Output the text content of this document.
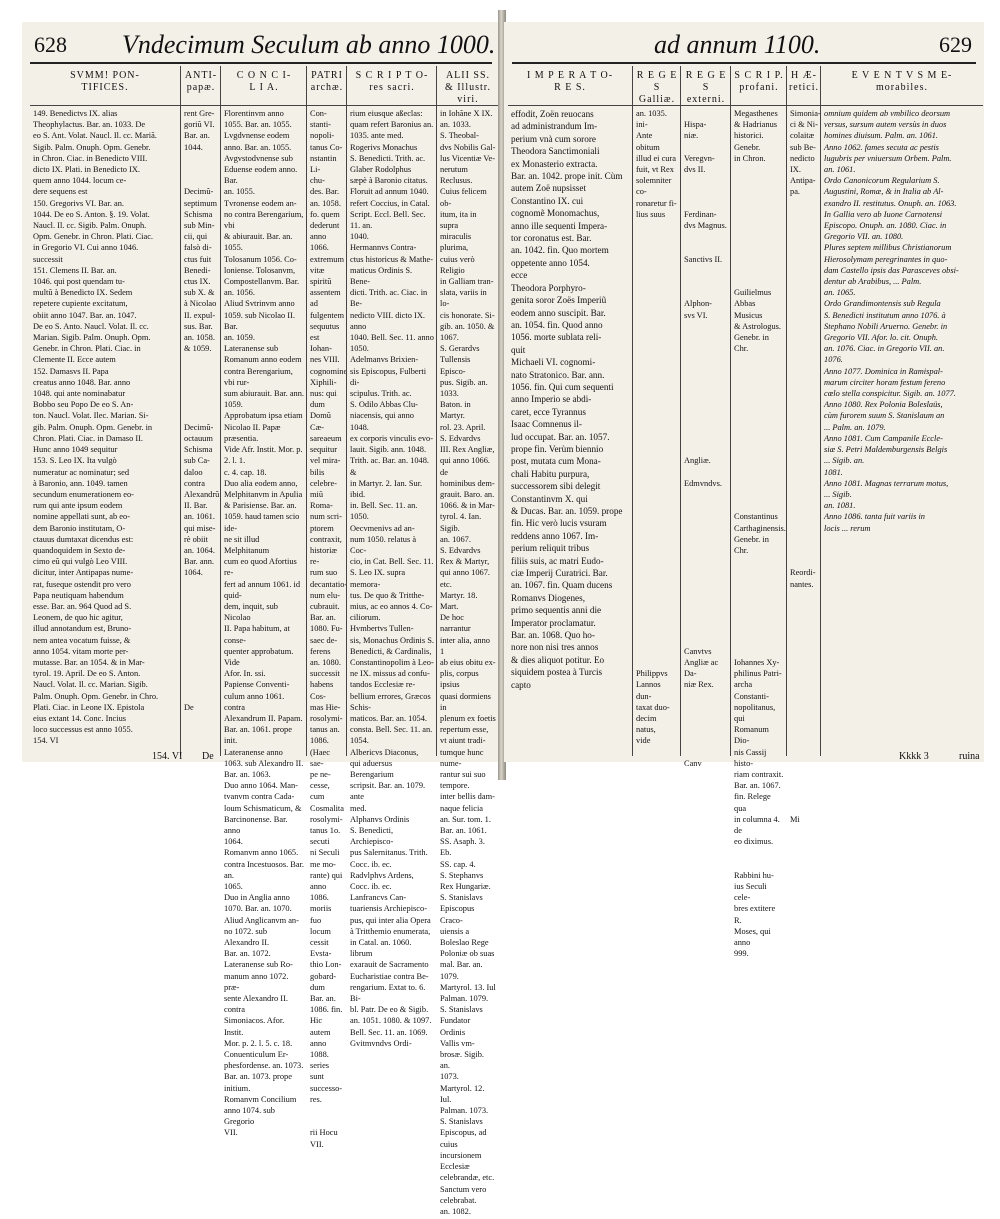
628 Vndecimum Seculum ab anno 1000.
SVMM! PON-
TIFICES.
149. Benedictvs IX. alias
Theophylactus. Bar. an. 1033. De
eo S. Ant. Volat. Naucl. Il. cc. Mariã.
Sigib. Palm. Onuph. Opm. Genebr.
in Chron. Ciac. in Benedicto VIII.
dicto IX. Plati. in Benedicto IX.
quem anno 1044. locum ce-
dere sequens est
150. Gregorivs VI. Bar. an.
1044. De eo S. Anton. §. 19. Volat.
Naucl. Il. cc. Sigib. Palm. Onuph.
Opm. Genebr. in Chron. Plati. Ciac.
in Gregorio VI. Cui anno 1046.
successit
151. Clemens II. Bar. an.
1046. qui post quendam tu-
multũ à Benedicto IX. Sedem
repetere cupiente excitatum,
obiit anno 1047. Bar. an. 1047.
De eo S. Anto. Naucl. Volat. Il. cc.
Marian. Sigib. Palm. Onuph. Opm.
Genebr. in Chron. Plati. Ciac. in
Clemente II. Ecce autem
152. Damasvs II. Papa
creatus anno 1048. Bar. anno
1048. qui ante nominabatur
Bobbo seu Popo De eo S. An-
ton. Naucl. Volat. Ilec. Marian. Si-
gib. Palm. Onuph. Opm. Genebr. in
Chron. Plati. Ciac. in Damaso II.
Hunc anno 1049 sequitur
153. S. Leo IX. Ita vulgò
numeratur ac nominatur; sed
à Baronio, ann. 1049. tamen
secundum enumerationem eo-
rum qui ante ipsum eodem
nomine appellati sunt, ab eo-
dem Baronio institutam, O-
ctauus dumtaxat dicendus est:
quandoquidem in Sexto de-
cimo eũ qui vulgò Leo VIII.
dicitur, inter Antipapas nume-
rat, fuseque ostendit pro vero
Papa neutiquam habendum
esse. Bar. an. 964 Quod ad S.
Leonem, de quo hic agitur,
illud annotandum est, Bruno-
nem antea vocatum fuisse, &
anno 1054. vitam morte per-
mutasse. Bar. an 1054. & in Mar-
tyrol. 19. April. De eo S. Anton.
Naucl. Volat. Il. cc. Marian. Sigib.
Palm. Onuph. Opm. Genebr. in Chro.
Plati. Ciac. in Leone IX. Epistola
eius extant 14. Conc. Incius
loco successus est anno 1055.
154. VI
ANTI-
papæ.
rent Gre-
goriũ VI.
Bar. an.
1044.

Decimũ-
septimum
Schisma
sub Min-
cii, qui
falsò di-
ctus fuit
Benedi-
ctus IX.
sub X. &
à Nicolao
II. expul-
sus. Bar.
an. 1058.
& 1059.

Decimũ-
octauum
Schisma
sub Ca-
daloo
contra
Alexandrũ
II. Bar.
an. 1061.
qui mise-
rè obiit
an. 1064.
Bar. ann.
1064.

De
C O N C I-
L I A.
Florentinvm anno
1055. Bar. an. 1055.
Lvgdvnense eodem
anno. Bar. an. 1055.
Avgvstodvnense sub
Eduense eodem anno. Bar.
an. 1055.
Tvronense eodem an-
no contra Berengarium, vbi
& abiurauit. Bar. an. 1055.
Tolosanum 1056. Co-
loniense. Tolosanvm,
Compostellanvm. Bar.
an. 1056.
Aliud Svtrinvm anno
1059. sub Nicolao II. Bar.
an. 1059.
Lateranense sub
Romanum anno eodem
contra Berengarium, vbi rur-
sum abiurauit. Bar. ann. 1059.
Approbatum ipsa etiam
Nicolao II. Papæ præsentia.
Vide Afr. Instit. Mor. p. 2. l. 1.
c. 4. cap. 18.
Duo alia eodem anno,
Melphitanvm in Apulia
& Parisiense. Bar. an.
1059. haud tamen scio ide-
ne sit illud Melphitanum
cum eo quod Afortius re-
fert ad annum 1061. id quid-
dem, inquit, sub Nicolao
II. Papa habitum, at conse-
quenter approbatum. Vide
Afor. In. ssi.
Papiense Conventi-
culum anno 1061. contra
Alexandrum II. Papam.
Bar. an. 1061. prope init.
Lateranense anno
1063. sub Alexandro II.
Bar. an. 1063.
Duo anno 1064. Man-
tvanvm contra Cada-
loum Schismaticum, &
Barcinonense. Bar. anno
1064.
Romanvm anno 1065.
contra Incestuosos. Bar. an.
1065.
Duo in Anglia anno
1070. Bar. an. 1070.
Aliud Anglicanvm an-
no 1072. sub Alexandro II.
Bar. an. 1072.
Lateranense sub Ro-
manum anno 1072. præ-
sente Alexandro II. contra
Simoniacos. Afor. Instit.
Mor. p. 2. l. 5. c. 18.
Conuenticulum Er-
phesfordense. an. 1073.
Bar. an. 1073. prope initium.
Romanvm Concilium
anno 1074. sub Gregorio
VII.
PATRI
archæ.
Con-
stanti-
nopoli-
tanus Co-
nstantin Li-
chu-
des. Bar.
an. 1058.
fo. quem
dederunt
anno 1066.
extremum
vitæ spiritũ
assentem ad
fulgentem
sequutus est
Iohan-
nes VIII.
cognomine
Xiphili-
nus: qui
dum
Domũ Cæ-
sareaeum
sequitur
vel mira-
bilis
celebre-
miũ
Roma-
num scri-
ptorem
contraxit,
historiæ re-
rum suo
decantatio-
num elu-
cubrauit.
Bar. an.
1080. Fu-
saec de-
ferens
an. 1080.
successit
habens
Cos-
mas Hie-
rosolymi-
tanus an.
1086.
(Haec sae-
pe ne-
cesse, cum
Cosmalita
rosolymi-
tanus 1o.
secuti
ni Seculi
me mo-
rante) qui
anno 1086.
moriis
fuo locum
cessit
Evsta-
thio Lon-
gobard-
dum
Bar. an.
1086. fin.
Hic autem
anno 1088.
series sunt
successo-
res.

rii Hocu
VII.
S C R I P T O-
res sacri.
rium eiusque aßeclas:
quam refert Baronius an.
1035. ante med.
Rogerivs Monachus
S. Benedicti. Trith. ac.
Glaber Rodolphus
sæpè à Baronio citatus.
Floruit ad annum 1040.
refert Coccius, in Catal.
Script. Eccl. Bell. Sec. 11. an.
1040.
Hermannvs Contra-
ctus historicus & Mathe-
maticus Ordinis S. Bene-
dicti. Trith. ac. Ciac. in Be-
nedicto VIII. dicto IX. anno
1040. Bell. Sec. 11. anno
1050.
Adelmanvs Brixien-
sis Episcopus, Fulberti di-
scipulus. Trith. ac.
S. Odilo Abbas Clu-
niacensis, qui anno 1048.
ex corporis vinculis evo-
lauit. Sigib. ann. 1048.
Trith. ac. Bar. an. 1048. &
in Martyr. 2. Ian. Sur. ibid.
in. Bell. Sec. 11. an. 1050.
Oecvmenivs ad an-
num 1050. relatus à Coc-
cio, in Cat. Bell. Sec. 11.
S. Leo IX. supra memora-
tus. De quo & Tritthe-
mius, ac eo annos 4. Co-
ciliorum.
Hvmbertvs Tullen-
sis, Monachus Ordinis S.
Benedicti, & Cardinalis,
Constantinopolim à Leo-
ne IX. missus ad confu-
tandos Ecclesiæ re-
bellium errores, Græcos Schis-
maticos. Bar. an. 1054.
consta. Bell. Sec. 11. an. 1054.
Albericvs Diaconus,
qui aduersus Berengarium
scripsit. Bar. an. 1079. ante
med.
Alphanvs Ordinis
S. Benedicti, Archiepisco-
pus Salernitanus. Trith.
Cocc. ib. ec.
Radvlphvs Ardens,
Cocc. ib. ec.
Lanfrancvs Can-
tuariensis Archiepisco-
pus, qui inter alia Opera
à Tritthemio enumerata,
in Catal. an. 1060. librum
exarauit de Sacramento
Eucharistiae contra Be-
rengarium. Extat to. 6. Bi-
bl. Patr. De eo & Sigib.
an. 1051. 1080. & 1097.
Bell. Sec. 11. an. 1069.
Gvitmvndvs Ordi-
ALII SS.
& Illustr. viri.
in Iohãne X IX.
an. 1033.
S. Theobal-
dvs Nobilis Gal-
lus Vicentiæ Ve-
nerutum Reclusus.
Cuius felicem ob-
itum, ita in supra
miraculis plurima,
cuius verò Religio
in Galliam tran-
slata, variis in lo-
cis honorate. Si-
gib. an. 1050. &
1067.
S. Gerardvs
Tullensis Episco-
pus. Sigib. an. 1033.
Baton. in Martyr.
rol. 23. April.
S. Edvardvs
III. Rex Angliæ,
qui anno 1066. de
hominibus dem-
grauit. Baro. an.
1066. & in Mar-
tyrol. 4. Ian. Sigib.
an. 1067.
S. Edvardvs
Rex & Martyr,
qui anno 1067. etc.
Martyr. 18. Mart.
De hoc narrantur
inter alia, anno 1
ab eius obitu ex-
plis, corpus ipsius
quasi dormiens in
plenum ex foetis
repertum esse,
vt aiunt tradi-
tumque hunc nume-
rantur sui suo
tempore.
inter bellis dam-
naque felicia
an. Sur. tom. 1.
Bar. an. 1061.
SS. Asaph. 3. Eb.
SS. cap. 4.
S. Stephanvs
Rex Hungariæ.
S. Stanislavs
Episcopus Craco-
uiensis a Boleslao Rege
Poloniæ ob suas
mal. Bar. an. 1079.
Martyrol. 13. Iul
Palman. 1079.
S. Stanislavs
Fundator Ordinis
Vallis vm-
brosæ. Sigib. an.
1073.
Martyrol. 12. Iul.
Palman. 1073.
S. Stanislavs
Episcopus, ad cuius
incursionem Ecclesiæ
celebrandæ, etc.
Sanctum vero
celebrabat.
an. 1082.
154. VI De
ad annum 1100.	629
I M P E R A T O-
R E S.
effodit, Zoën reuocans
ad administrandum Im-
perium vnà cum sorore
Theodora Sanctimoniali
ex Monasterio extracta.
Bar. an. 1042. prope init. Cùm
autem Zoë nupsisset
Constantino IX. cui
cognomẽ Monomachus,
anno ille sequenti Impera-
tor coronatus est. Bar.
an. 1042. fin. Quo mortem
oppetente anno 1054.
ecce
Theodora Porphyro-
genita soror Zoës Imperiũ
eodem anno suscipit. Bar.
an. 1054. fin. Quod anno
1056. morte sublata reli-
quit
Michaeli VI. cognomi-
nato Stratonico. Bar. ann.
1056. fin. Qui cum sequenti
anno Imperio se abdi-
caret, ecce Tyrannus
Isaac Comnenus il-
lud occupat. Bar. an. 1057.
prope fin. Verùm biennio
post, mutata cum Mona-
chali Habitu purpura,
successorem sibi delegit
Constantinvm X. qui
& Ducas. Bar. an. 1059. prope
fin. Hic verò lucis vsuram
reddens anno 1067. Im-
perium reliquit tribus
filiis suis, ac matri Eudo-
ciæ Imperij Curatrici. Bar.
an. 1067. fin. Quam ducens
Romanvs Diogenes,
primo sequentis anni die
Imperator proclamatur.
Bar. an. 1068. Quo ho-
nore non nisi tres annos
& dies aliquot potitur. Eo
siquidem postea à Turcis
capto
R E G E S
Galliæ.
an. 1035. ini-
Ante obitum
illud ei cura
fuit, vt Rex
solemniter co-
ronaretur fi-
lius suus

Philippvs
Lannos dun-
taxat duo-
decim natus,
vide
R E G E S
externi.

Hispa-
niæ.

Veregvn-
dvs II.

Ferdinan-
dvs Magnus.

Sanctivs II.

Alphon-
svs VI.

Angliæ.

Edmvndvs.

Canvtvs
Angliæ ac Da-
niæ Rex.

Canv
S C R I P.
profani.
Megasthenes
& Hadrianus
historici. Genebr.
in Chron.

Guilielmus
Abbas Musicus
& Astrologus.
Genebr. in Chr.

Constantinus
Carthaginensis.
Genebr. in Chr.

Iohannes Xy-
philinus Patri-
archa Constanti-
nopolitanus, qui
Romanum Dio-
nis Cassij histo-
riam contraxit.
Bar. an. 1067.
fin. Relege qua
in columna 4. de
eo diximus.

Rabbini hu-
ius Seculi cele-
bres extitere R.
Moses, qui anno
999.
H Æ-
retici.
Simonia-
ci & Ni-
colaitæ
sub Be-
nedicto IX.
Antipa-
pa.

Reordi-
nantes.

Mi
E V E N T V S M E-
morabiles.
omnium quidem ab vmbilico deorsum
versus, sursum autem versùs in duos
homines diuisum. Palm. an. 1061.
Anno 1062. fames secuta ac pestis
lugubris per vniuersum Orbem. Palm.
an. 1061.
Ordo Canonicorum Regularium S.
Augustini, Romæ, & in Italia ab Al-
exandro II. restitutus. Onuph. an. 1063.
In Gallia vero ab Iuone Carnotensi
Episcopo. Onuph. an. 1080. Ciac. in
Gregorio VII. an. 1080.
Plures septem millibus Christianorum
Hierosolymam peregrinantes in quo-
dam Castello ipsis das Parasceves obsi-
dentur ab Arabibus, ... Palm.
an. 1065.
Ordo Grandimontensis sub Regula
S. Benedicti institutum anno 1076. à
Stephano Nobili Aruerno. Genebr. in
Gregorio VII. Afor. lo. cit. Onuph.
an. 1076. Ciac. in Gregorio VII. an.
1076.
Anno 1077. Dominica in Ramispal-
marum circiter horam festum fereno
cœlo stella conspicitur. Sigib. an. 1077.
Anno 1080. Rex Polonia Boleslaüs,
cùm furorem suum S. Stanislaum an
... Palm. an. 1079.
Anno 1081. Cum Campanile Eccle-
siæ S. Petri Maldemburgensis Belgis
... Sigib. an.
1081.
Anno 1081. Magnas terrarum motus,
... Sigib.
an. 1081.
Anno 1086. tanta fuit variis in
locis ... rerum
Kkkk 3	ruina
